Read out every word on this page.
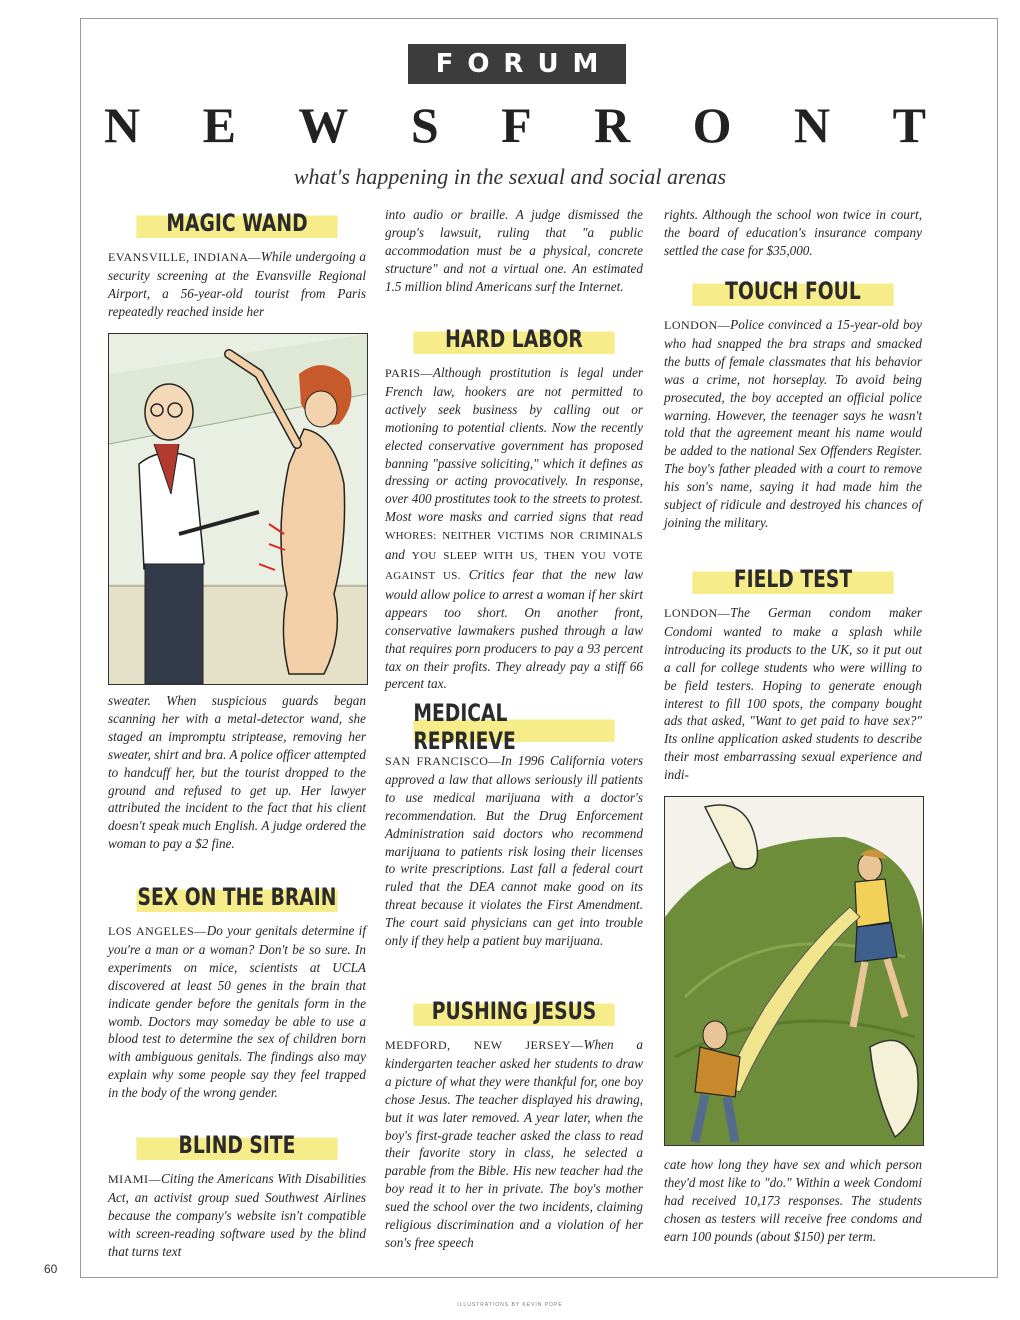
FORUM
N E W S F R O N T
what's happening in the sexual and social arenas
MAGIC WAND
EVANSVILLE, INDIANA—While undergoing a security screening at the Evansville Regional Airport, a 56-year-old tourist from Paris repeatedly reached inside her
sweater. When suspicious guards began scanning her with a metal-detector wand, she staged an impromptu striptease, removing her sweater, shirt and bra. A police officer attempted to handcuff her, but the tourist dropped to the ground and refused to get up. Her lawyer attributed the incident to the fact that his client doesn't speak much English. A judge ordered the woman to pay a $2 fine.
SEX ON THE BRAIN
LOS ANGELES—Do your genitals determine if you're a man or a woman? Don't be so sure. In experiments on mice, scientists at UCLA discovered at least 50 genes in the brain that indicate gender before the genitals form in the womb. Doctors may someday be able to use a blood test to determine the sex of children born with ambiguous genitals. The findings also may explain why some people say they feel trapped in the body of the wrong gender.
BLIND SITE
MIAMI—Citing the Americans With Disabilities Act, an activist group sued Southwest Airlines because the company's website isn't compatible with screen-reading software used by the blind that turns text
into audio or braille. A judge dismissed the group's lawsuit, ruling that "a public accommodation must be a physical, concrete structure" and not a virtual one. An estimated 1.5 million blind Americans surf the Internet.
HARD LABOR
PARIS—Although prostitution is legal under French law, hookers are not permitted to actively seek business by calling out or motioning to potential clients. Now the recently elected conservative government has proposed banning "passive soliciting," which it defines as dressing or acting provocatively. In response, over 400 prostitutes took to the streets to protest. Most wore masks and carried signs that read WHORES: NEITHER VICTIMS NOR CRIMINALS and YOU SLEEP WITH US, THEN YOU VOTE AGAINST US. Critics fear that the new law would allow police to arrest a woman if her skirt appears too short. On another front, conservative lawmakers pushed through a law that requires porn producers to pay a 93 percent tax on their profits. They already pay a stiff 66 percent tax.
MEDICAL REPRIEVE
SAN FRANCISCO—In 1996 California voters approved a law that allows seriously ill patients to use medical marijuana with a doctor's recommendation. But the Drug Enforcement Administration said doctors who recommend marijuana to patients risk losing their licenses to write prescriptions. Last fall a federal court ruled that the DEA cannot make good on its threat because it violates the First Amendment. The court said physicians can get into trouble only if they help a patient buy marijuana.
PUSHING JESUS
MEDFORD, NEW JERSEY—When a kindergarten teacher asked her students to draw a picture of what they were thankful for, one boy chose Jesus. The teacher displayed his drawing, but it was later removed. A year later, when the boy's first-grade teacher asked the class to read their favorite story in class, he selected a parable from the Bible. His new teacher had the boy read it to her in private. The boy's mother sued the school over the two incidents, claiming religious discrimination and a violation of her son's free speech
rights. Although the school won twice in court, the board of education's insurance company settled the case for $35,000.
TOUCH FOUL
LONDON—Police convinced a 15-year-old boy who had snapped the bra straps and smacked the butts of female classmates that his behavior was a crime, not horseplay. To avoid being prosecuted, the boy accepted an official police warning. However, the teenager says he wasn't told that the agreement meant his name would be added to the national Sex Offenders Register. The boy's father pleaded with a court to remove his son's name, saying it had made him the subject of ridicule and destroyed his chances of joining the military.
FIELD TEST
LONDON—The German condom maker Condomi wanted to make a splash while introducing its products to the UK, so it put out a call for college students who were willing to be field testers. Hoping to generate enough interest to fill 100 spots, the company bought ads that asked, "Want to get paid to have sex?" Its online application asked students to describe their most embarrassing sexual experience and indi-
cate how long they have sex and which person they'd most like to "do." Within a week Condomi had received 10,173 responses. The students chosen as testers will receive free condoms and earn 100 pounds (about $150) per term.
60
ILLUSTRATIONS BY KEVIN POPE
